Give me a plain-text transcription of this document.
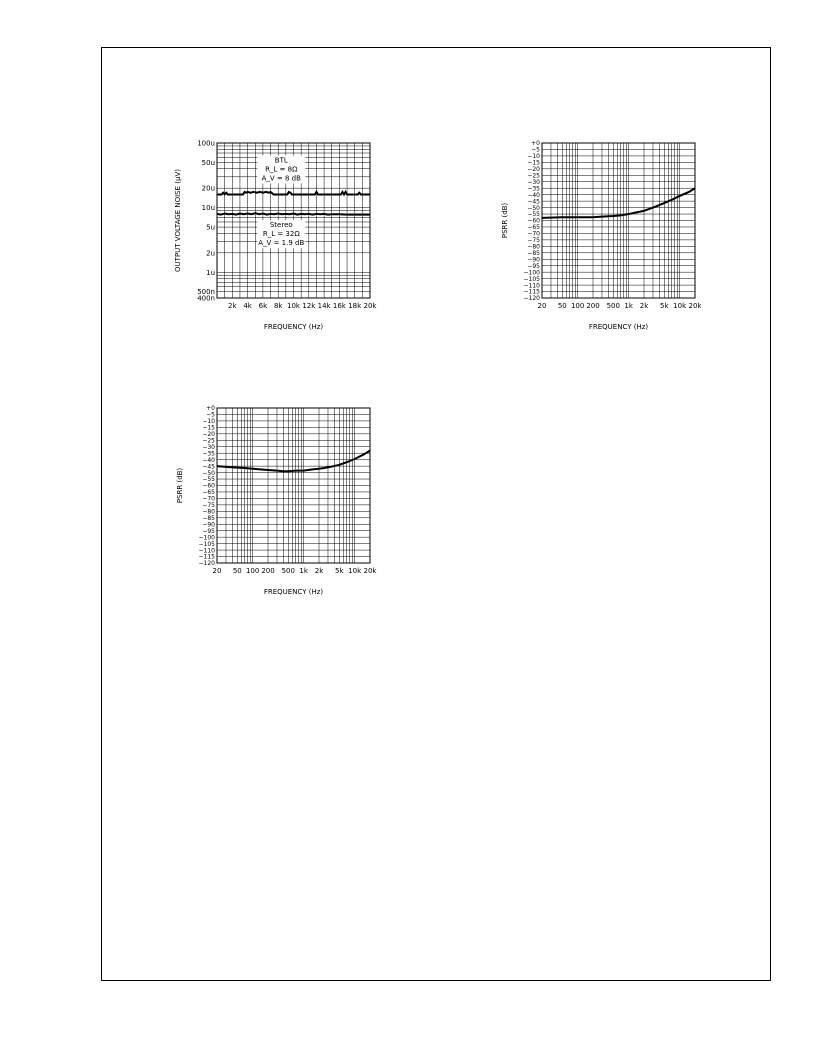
400n
500n
1u
2u
5u
10u
20u
50u
100u
2k 4k 6k 8k 10k 12k 14k 16k 18k 20k
FREQUENCY (Hz)
OUTPUT VOLTAGE NOISE (μV)
BTL
R_L = 8Ω
A_V = 8 dB
Stereo
R_L = 32Ω
A_V = 1.9 dB
+0
−5
−10
−15
−20
−25
−30
−35
−40
−45
−50
−55
−60
−65
−70
−75
−80
−85
−90
−95
−100
−105
−110
−115
−120
20 50 100 200 500 1k 2k 5k 10k 20k
FREQUENCY (Hz)
PSRR (dB)
+0
−5
−10
−15
−20
−25
−30
−35
−40
−45
−50
−55
−60
−65
−70
−75
−80
−85
−90
−95
−100
−105
−110
−115
−120
20 50 100 200 500 1k 2k 5k 10k 20k
FREQUENCY (Hz)
PSRR (dB)
